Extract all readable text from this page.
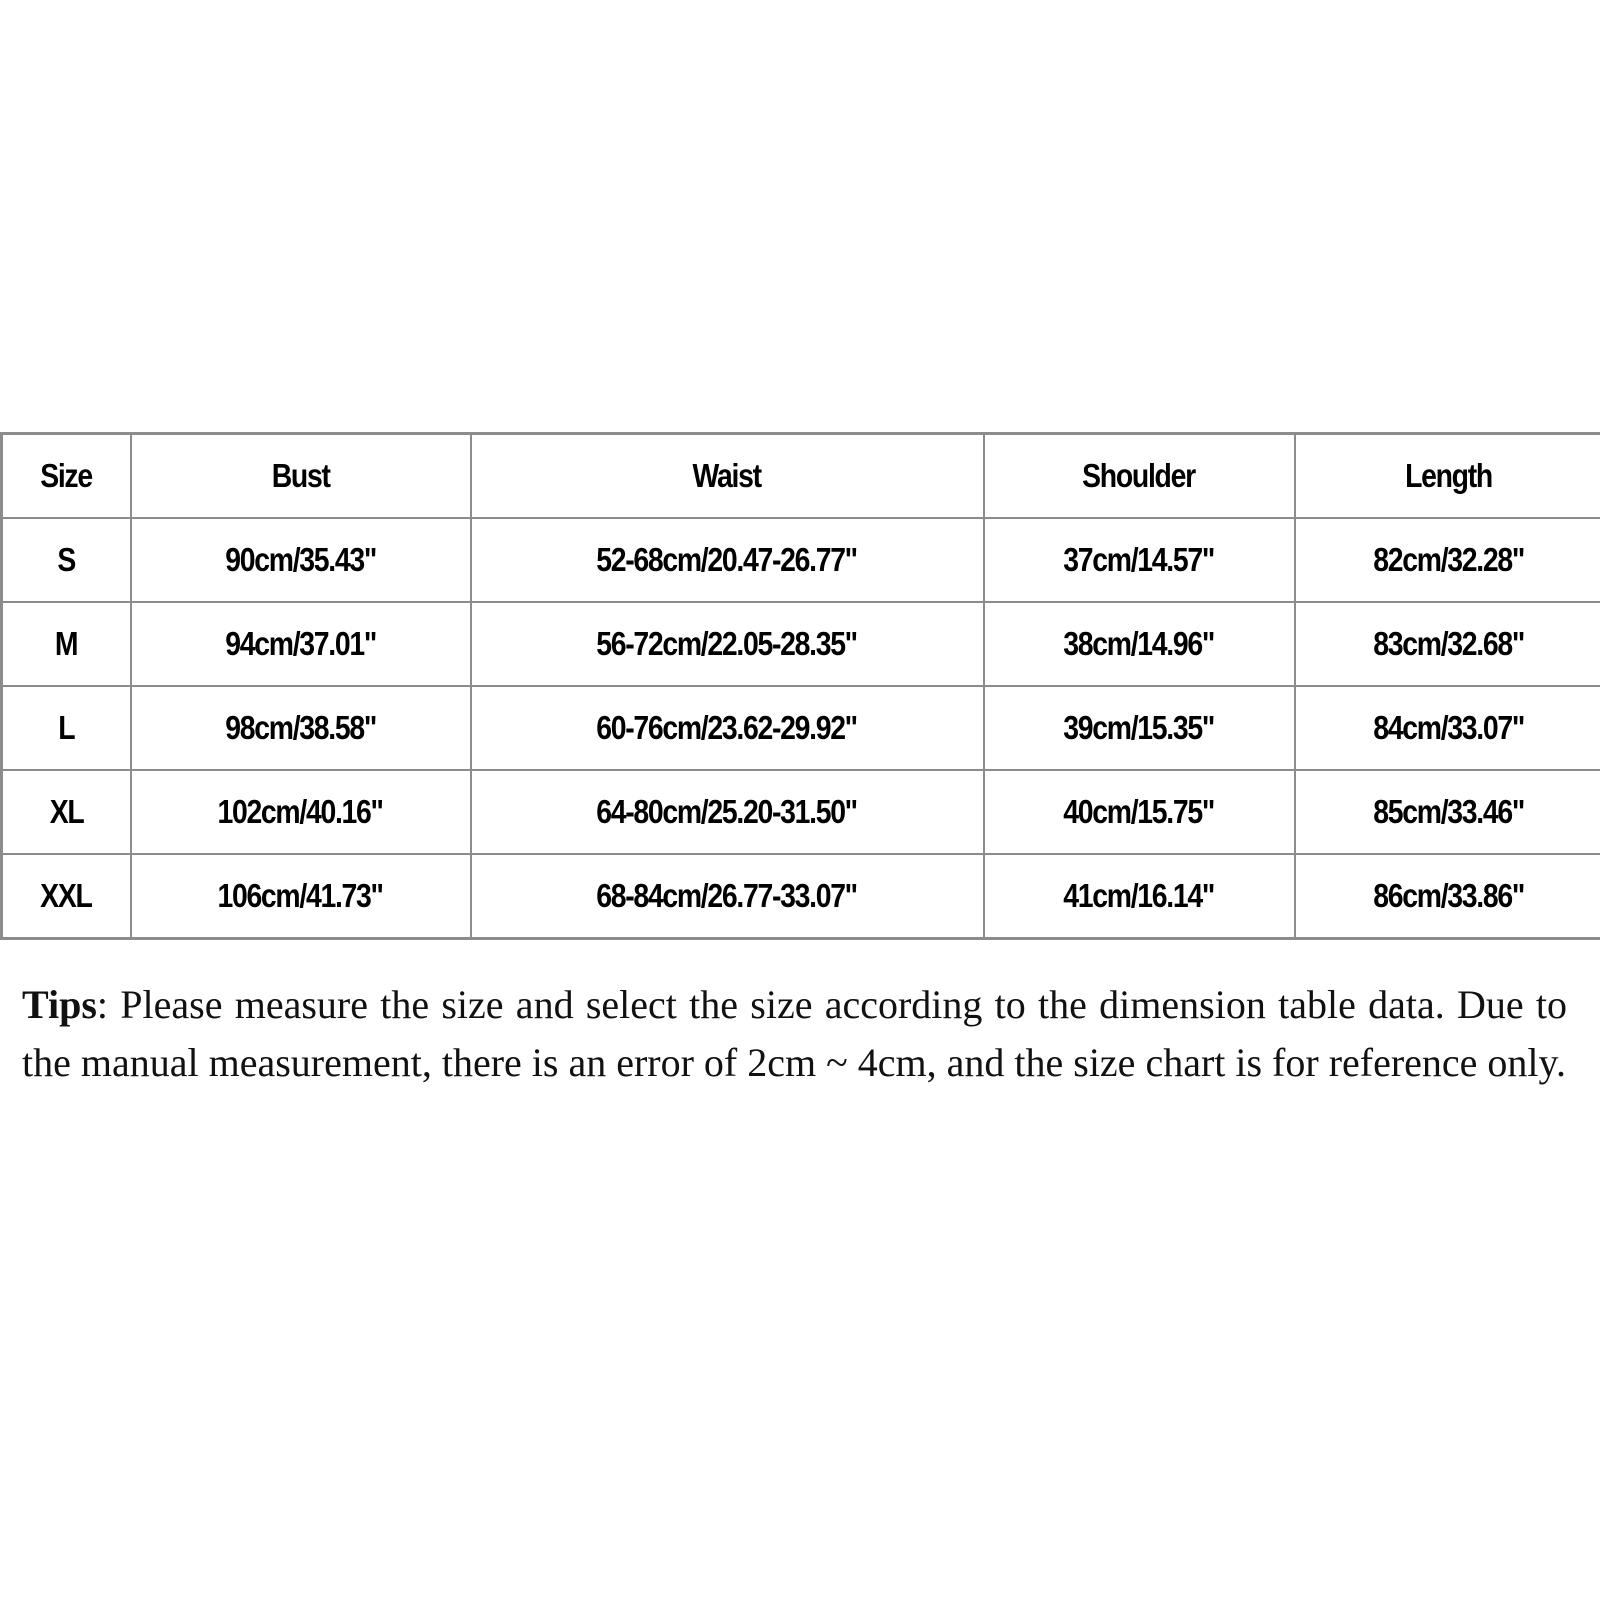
Size	Bust	Waist	Shoulder	Length
S	90cm/35.43"	52-68cm/20.47-26.77"	37cm/14.57"	82cm/32.28"
M	94cm/37.01"	56-72cm/22.05-28.35"	38cm/14.96"	83cm/32.68"
L	98cm/38.58"	60-76cm/23.62-29.92"	39cm/15.35"	84cm/33.07"
XL	102cm/40.16"	64-80cm/25.20-31.50"	40cm/15.75"	85cm/33.46"
XXL	106cm/41.73"	68-84cm/26.77-33.07"	41cm/16.14"	86cm/33.86"

Tips: Please measure the size and select the size according to the dimension table data. Due to the manual measurement, there is an error of 2cm ~ 4cm, and the size chart is for reference only.
